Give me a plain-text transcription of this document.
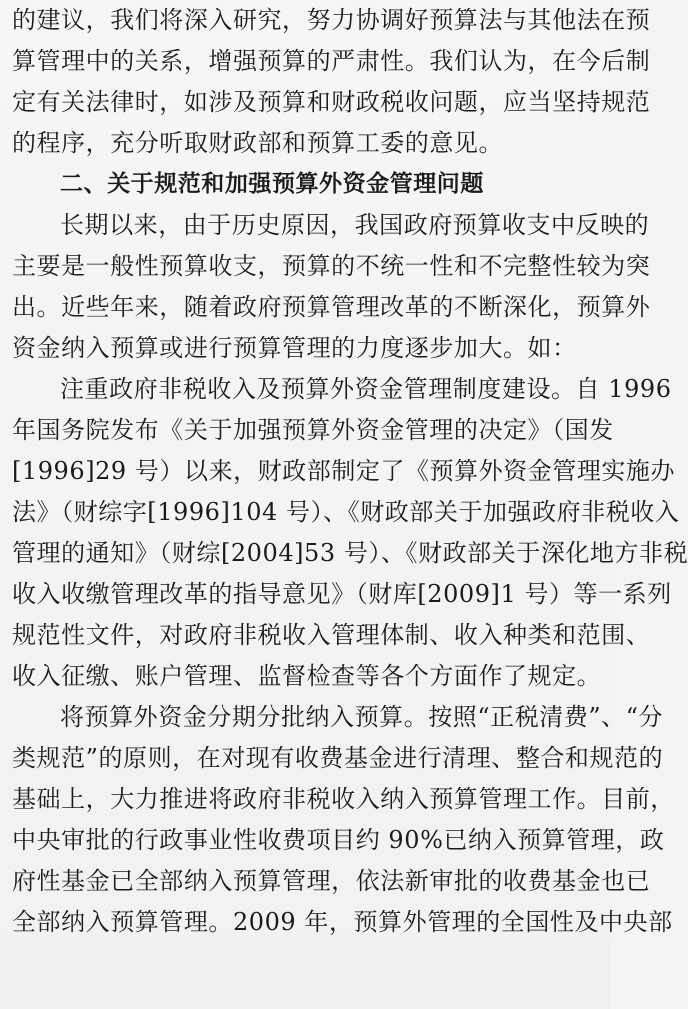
的建议，我们将深入研究，努力协调好预算法与其他法在预
算管理中的关系，增强预算的严肃性。我们认为，在今后制
定有关法律时，如涉及预算和财政税收问题，应当坚持规范
的程序，充分听取财政部和预算工委的意见。
二、关于规范和加强预算外资金管理问题
长期以来，由于历史原因，我国政府预算收支中反映的
主要是一般性预算收支，预算的不统一性和不完整性较为突
出。近些年来，随着政府预算管理改革的不断深化，预算外
资金纳入预算或进行预算管理的力度逐步加大。如：
注重政府非税收入及预算外资金管理制度建设。自 1996
年国务院发布《关于加强预算外资金管理的决定》（国发
[1996]29 号）以来，财政部制定了《预算外资金管理实施办
法》（财综字[1996]104 号）、《财政部关于加强政府非税收入
管理的通知》（财综[2004]53 号）、《财政部关于深化地方非税
收入收缴管理改革的指导意见》（财库[2009]1 号）等一系列
规范性文件，对政府非税收入管理体制、收入种类和范围、
收入征缴、账户管理、监督检查等各个方面作了规定。
将预算外资金分期分批纳入预算。按照“正税清费”、“分
类规范”的原则，在对现有收费基金进行清理、整合和规范的
基础上，大力推进将政府非税收入纳入预算管理工作。目前，
中央审批的行政事业性收费项目约 90%已纳入预算管理，政
府性基金已全部纳入预算管理，依法新审批的收费基金也已
全部纳入预算管理。2009 年，预算外管理的全国性及中央部
